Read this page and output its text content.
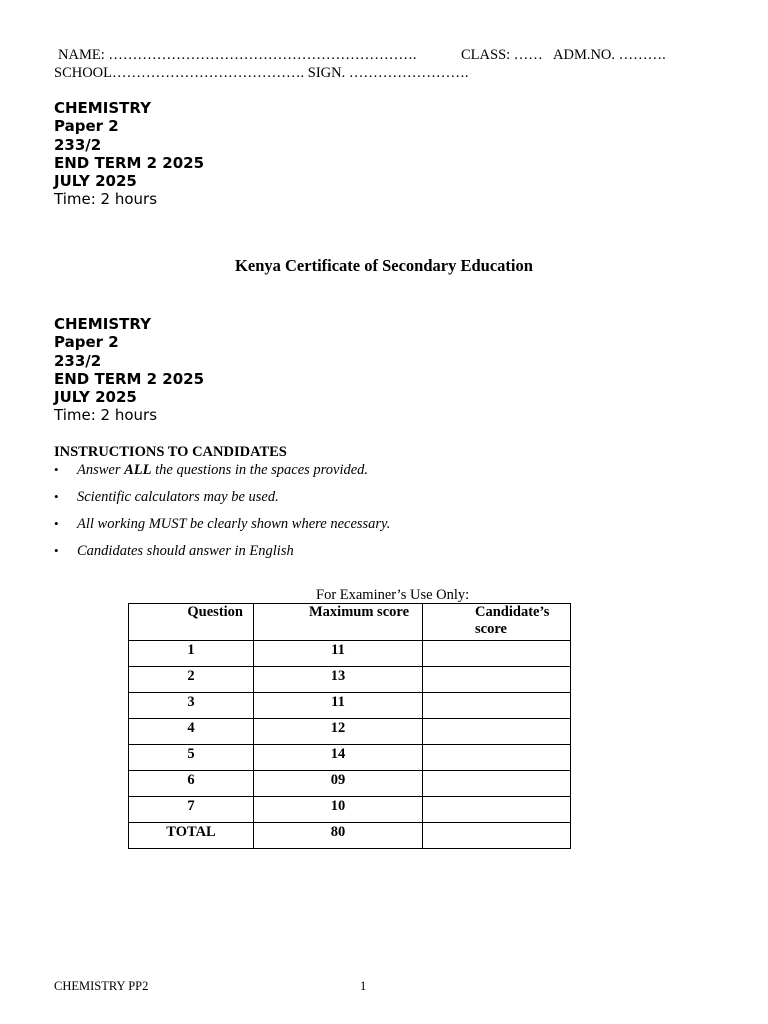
NAME: ……………………………………………………….	CLASS: …… ADM.NO. ……….
SCHOOL…………………………………. SIGN. …………………….
CHEMISTRY
Paper 2
233/2
END TERM 2 2025
JULY 2025
Time: 2 hours
Kenya Certificate of Secondary Education
CHEMISTRY
Paper 2
233/2
END TERM 2 2025
JULY 2025
Time: 2 hours
INSTRUCTIONS TO CANDIDATES
• Answer ALL the questions in the spaces provided.
• Scientific calculators may be used.
• All working MUST be clearly shown where necessary.
• Candidates should answer in English
For Examiner’s Use Only:
Question	Maximum score	Candidate’s score
1	11	
2	13	
3	11	
4	12	
5	14	
6	09	
7	10	
TOTAL	80	
CHEMISTRY PP2	1
